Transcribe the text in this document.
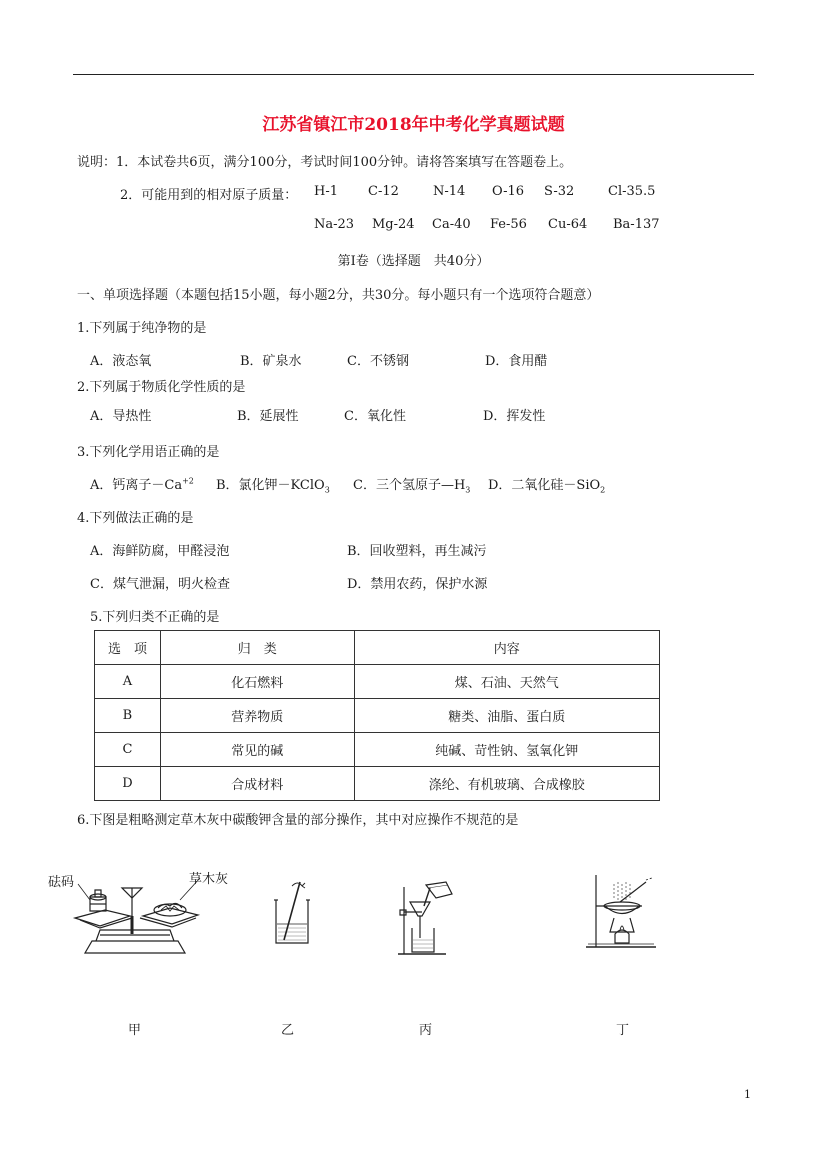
江苏省镇江市2018年中考化学真题试题
说明：1．本试卷共6页，满分100分，考试时间100分钟。请将答案填写在答题卷上。
2．可能用到的相对原子质量： H-1 C-12	N-14 O-16 S-32	Cl-35.5
Na-23 Mg-24 Ca-40 Fe-56 Cu-64 Ba-137
第Ⅰ卷（选择题　共40分）
一、单项选择题（本题包括15小题，每小题2分，共30分。每小题只有一个选项符合题意）
1.下列属于纯净物的是
A．液态氧	B．矿泉水	C．不锈钢	D．食用醋
2.下列属于物质化学性质的是
A．导热性	B．延展性	C．氧化性	D．挥发性
3.下列化学用语正确的是
A．钙离子$-Ca^{+2}$ B．氯化钾－KClO$_3$ C．三个氢原子$—H_3$ D．二氧化硅－SiO$_2$
4.下列做法正确的是
A．海鲜防腐，甲醛浸泡	B．回收塑料，再生减污
C．煤气泄漏，明火检查	D．禁用农药，保护水源
5.下列归类不正确的是
选　项	归　类	内容
A	化石燃料	煤、石油、天然气
B	营养物质	糖类、油脂、蛋白质
C	常见的碱	纯碱、苛性钠、氢氧化钾
D	合成材料	涤纶、有机玻璃、合成橡胶
6.下图是粗略测定草木灰中碳酸钾含量的部分操作，其中对应操作不规范的是
砝码	草木灰
甲	乙	丙	丁
1
